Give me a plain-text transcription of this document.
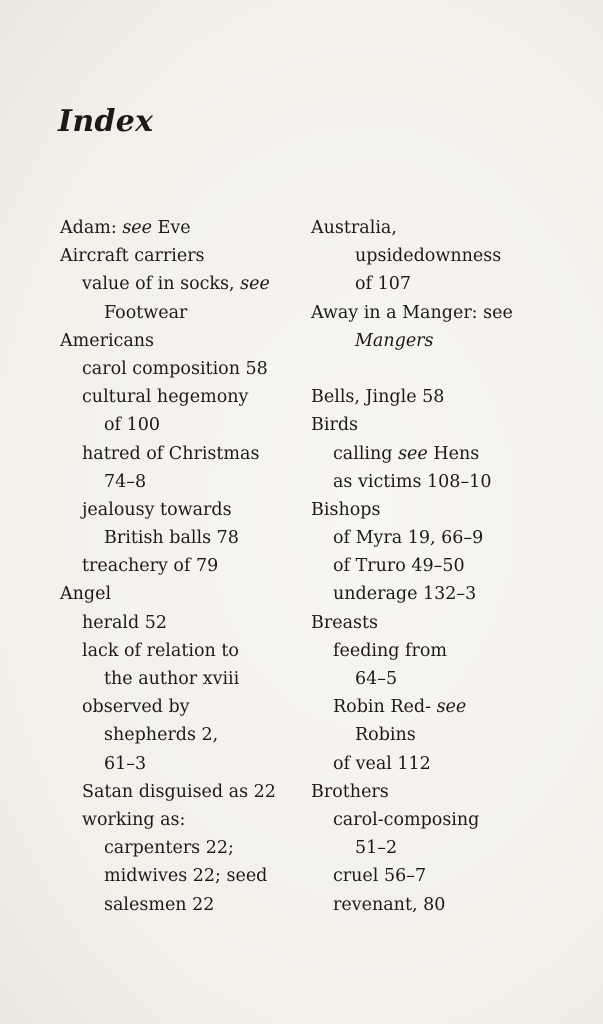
Index
Adam: see Eve
Aircraft carriers
value of in socks, see
Footwear
Americans
carol composition 58
cultural hegemony
of 100
hatred of Christmas
74–8
jealousy towards
British balls 78
treachery of 79
Angel
herald 52
lack of relation to
the author xviii
observed by
shepherds 2,
61–3
Satan disguised as 22
working as:
carpenters 22;
midwives 22; seed
salesmen 22
Australia,
upsidedownness
of 107
Away in a Manger: see
Mangers
Bells, Jingle 58
Birds
calling see Hens
as victims 108–10
Bishops
of Myra 19, 66–9
of Truro 49–50
underage 132–3
Breasts
feeding from
64–5
Robin Red- see
Robins
of veal 112
Brothers
carol-composing
51–2
cruel 56–7
revenant, 80
